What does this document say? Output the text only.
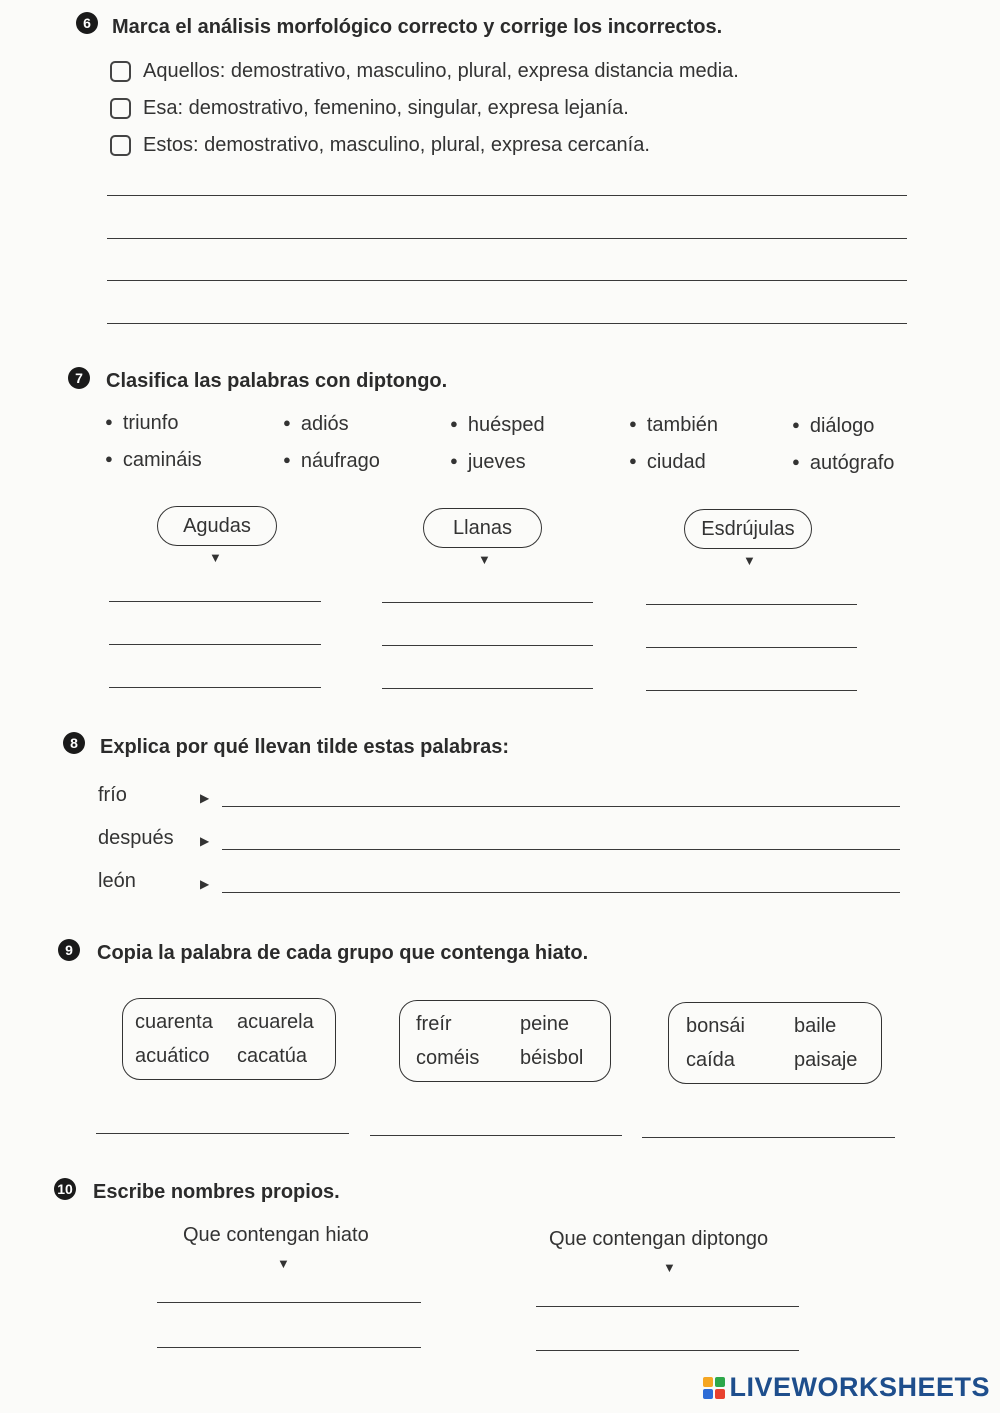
6	Marca el análisis morfológico correcto y corrige los incorrectos.
Aquellos: demostrativo, masculino, plural, expresa distancia media.
Esa: demostrativo, femenino, singular, expresa lejanía.
Estos: demostrativo, masculino, plural, expresa cercanía.
7	Clasifica las palabras con diptongo.
● triunfo	● adiós	● huésped	● también	● diálogo
● camináis	● náufrago	● jueves	● ciudad	● autógrafo
Agudas	Llanas	Esdrújulas
▼	▼	▼
8	Explica por qué llevan tilde estas palabras:
frío	▶
después ▶
león	▶
9	Copia la palabra de cada grupo que contenga hiato.
cuarenta acuarela
acuático cacatúa
freír	peine
coméis béisbol
bonsái baile
caída	paisaje
10 Escribe nombres propios.
Que contengan hiato	Que contengan diptongo
▼	▼
LIVEWORKSHEETS
